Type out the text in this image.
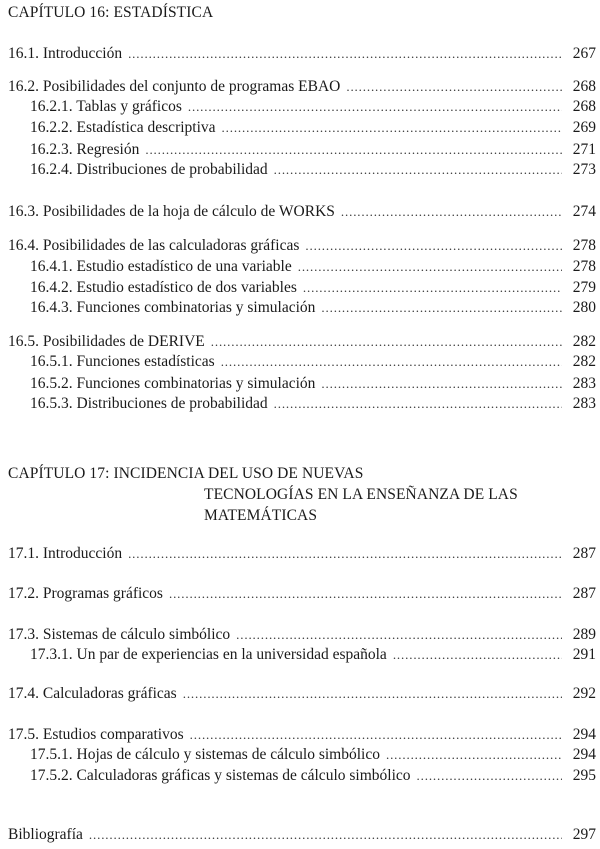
CAPÍTULO 16: ESTADÍSTICA
16.1. Introducción . . .	267
16.2. Posibilidades del conjunto de programas EBAO . . .	268
16.2.1. Tablas y gráficos . . .	268
16.2.2. Estadística descriptiva . . .	269
16.2.3. Regresión . . .	271
16.2.4. Distribuciones de probabilidad . . .	273
16.3. Posibilidades de la hoja de cálculo de WORKS . . .	274
16.4. Posibilidades de las calculadoras gráficas . . .	278
16.4.1. Estudio estadístico de una variable . . .	278
16.4.2. Estudio estadístico de dos variables . . .	279
16.4.3. Funciones combinatorias y simulación . . .	280
16.5. Posibilidades de DERIVE . . .	282
16.5.1. Funciones estadísticas . . .	282
16.5.2. Funciones combinatorias y simulación . . .	283
16.5.3. Distribuciones de probabilidad . . .	283
CAPÍTULO 17: INCIDENCIA DEL USO DE NUEVAS
TECNOLOGÍAS EN LA ENSEÑANZA DE LAS
MATEMÁTICAS
17.1. Introducción . . .	287
17.2. Programas gráficos . . .	287
17.3. Sistemas de cálculo simbólico . . .	289
17.3.1. Un par de experiencias en la universidad española . . .	291
17.4. Calculadoras gráficas . . .	292
17.5. Estudios comparativos . . .	294
17.5.1. Hojas de cálculo y sistemas de cálculo simbólico . . .	294
17.5.2. Calculadoras gráficas y sistemas de cálculo simbólico . . .	295
Bibliografía . . .	297
